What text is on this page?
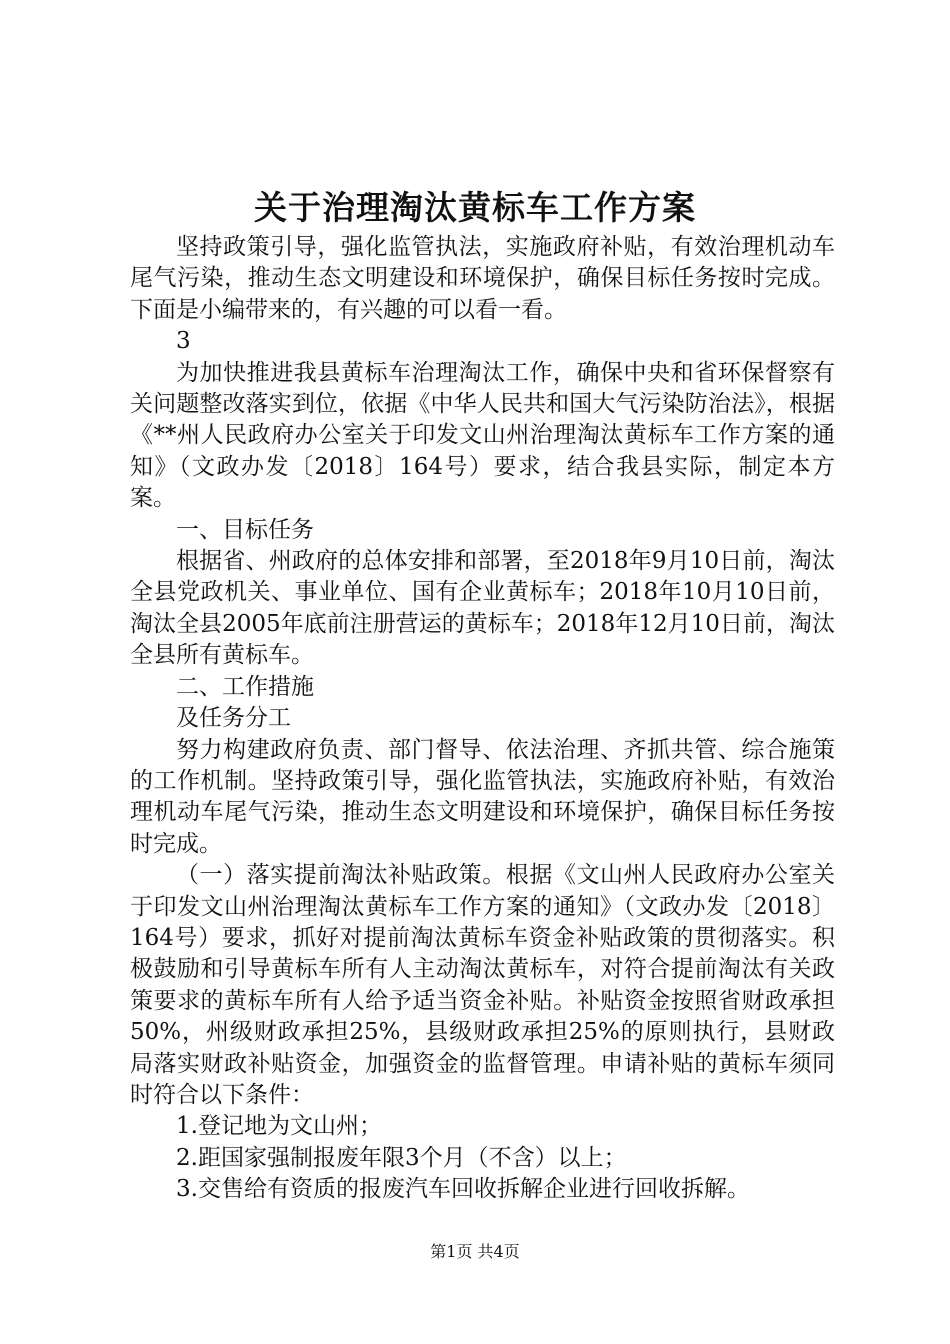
关于治理淘汰黄标车工作方案

坚持政策引导，强化监管执法，实施政府补贴，有效治理机动车尾气污染，推动生态文明建设和环境保护，确保目标任务按时完成。下面是小编带来的，有兴趣的可以看一看。

3

为加快推进我县黄标车治理淘汰工作，确保中央和省环保督察有关问题整改落实到位，依据《中华人民共和国大气污染防治法》，根据《**州人民政府办公室关于印发文山州治理淘汰黄标车工作方案的通知》（文政办发〔2018〕164号）要求，结合我县实际，制定本方案。

一、目标任务

根据省、州政府的总体安排和部署，至2018年9月10日前，淘汰全县党政机关、事业单位、国有企业黄标车；2018年10月10日前，淘汰全县2005年底前注册营运的黄标车；2018年12月10日前，淘汰全县所有黄标车。

二、工作措施

及任务分工

努力构建政府负责、部门督导、依法治理、齐抓共管、综合施策的工作机制。坚持政策引导，强化监管执法，实施政府补贴，有效治理机动车尾气污染，推动生态文明建设和环境保护，确保目标任务按时完成。

（一）落实提前淘汰补贴政策。根据《文山州人民政府办公室关于印发文山州治理淘汰黄标车工作方案的通知》（文政办发〔2018〕164号）要求，抓好对提前淘汰黄标车资金补贴政策的贯彻落实。积极鼓励和引导黄标车所有人主动淘汰黄标车，对符合提前淘汰有关政策要求的黄标车所有人给予适当资金补贴。补贴资金按照省财政承担50%，州级财政承担25%，县级财政承担25%的原则执行，县财政局落实财政补贴资金，加强资金的监督管理。申请补贴的黄标车须同时符合以下条件：

1.登记地为文山州；

2.距国家强制报废年限3个月（不含）以上；

3.交售给有资质的报废汽车回收拆解企业进行回收拆解。

第1页 共4页
